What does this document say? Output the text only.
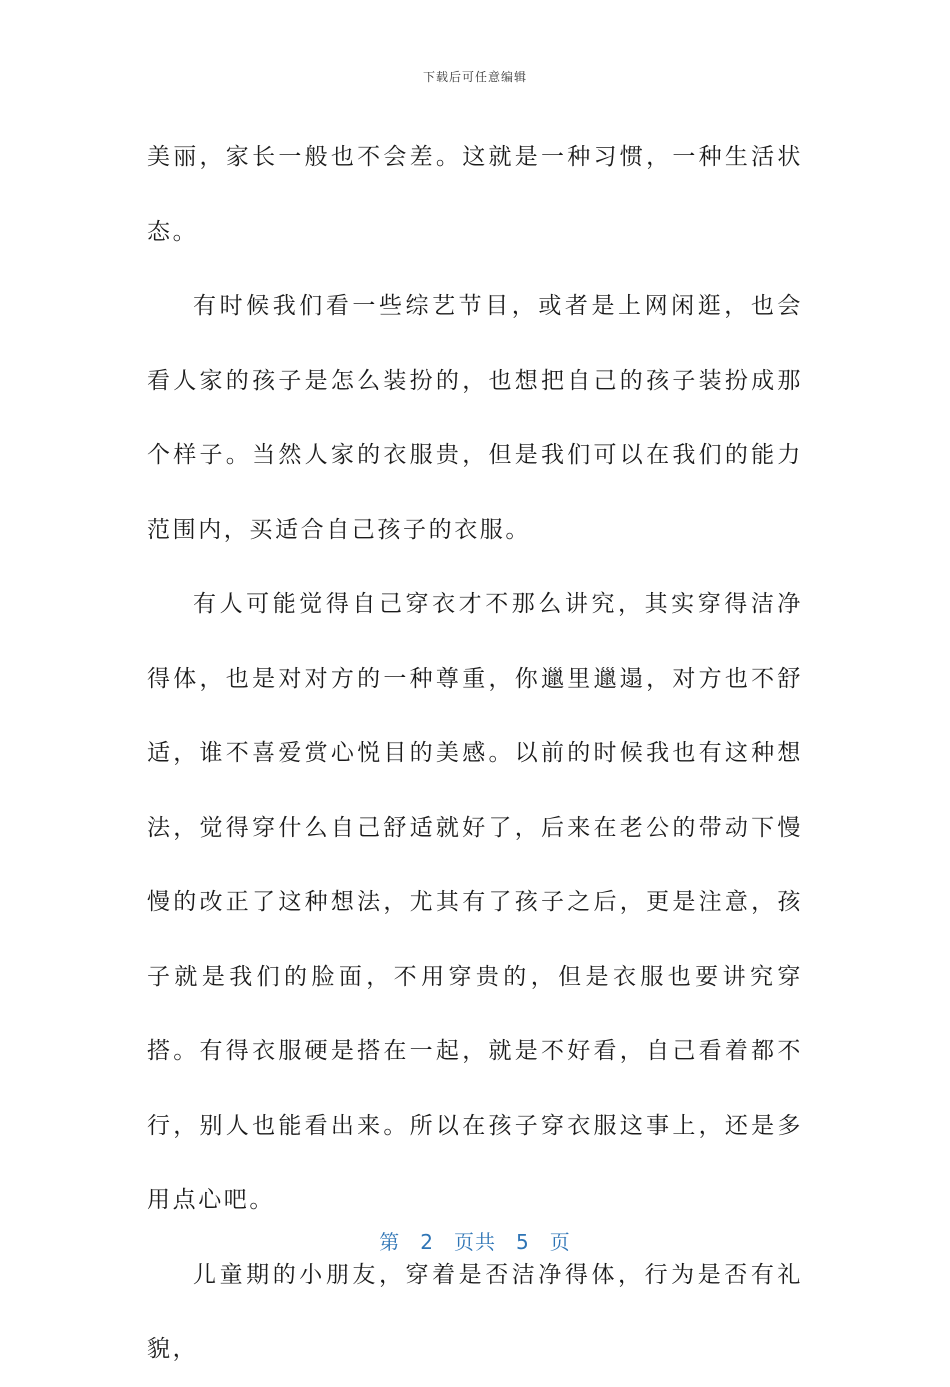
下载后可任意编辑

美丽，家长一般也不会差。这就是一种习惯，一种生活状态。

有时候我们看一些综艺节目，或者是上网闲逛，也会看人家的孩子是怎么装扮的，也想把自己的孩子装扮成那个样子。当然人家的衣服贵，但是我们可以在我们的能力范围内，买适合自己孩子的衣服。

有人可能觉得自己穿衣才不那么讲究，其实穿得洁净得体，也是对对方的一种尊重，你邋里邋遢，对方也不舒适，谁不喜爱赏心悦目的美感。以前的时候我也有这种想法，觉得穿什么自己舒适就好了，后来在老公的带动下慢慢的改正了这种想法，尤其有了孩子之后，更是注意，孩子就是我们的脸面，不用穿贵的，但是衣服也要讲究穿搭。有得衣服硬是搭在一起，就是不好看，自己看着都不行，别人也能看出来。所以在孩子穿衣服这事上，还是多用点心吧。

儿童期的小朋友，穿着是否洁净得体，行为是否有礼貌，

第 2 页共 5 页
